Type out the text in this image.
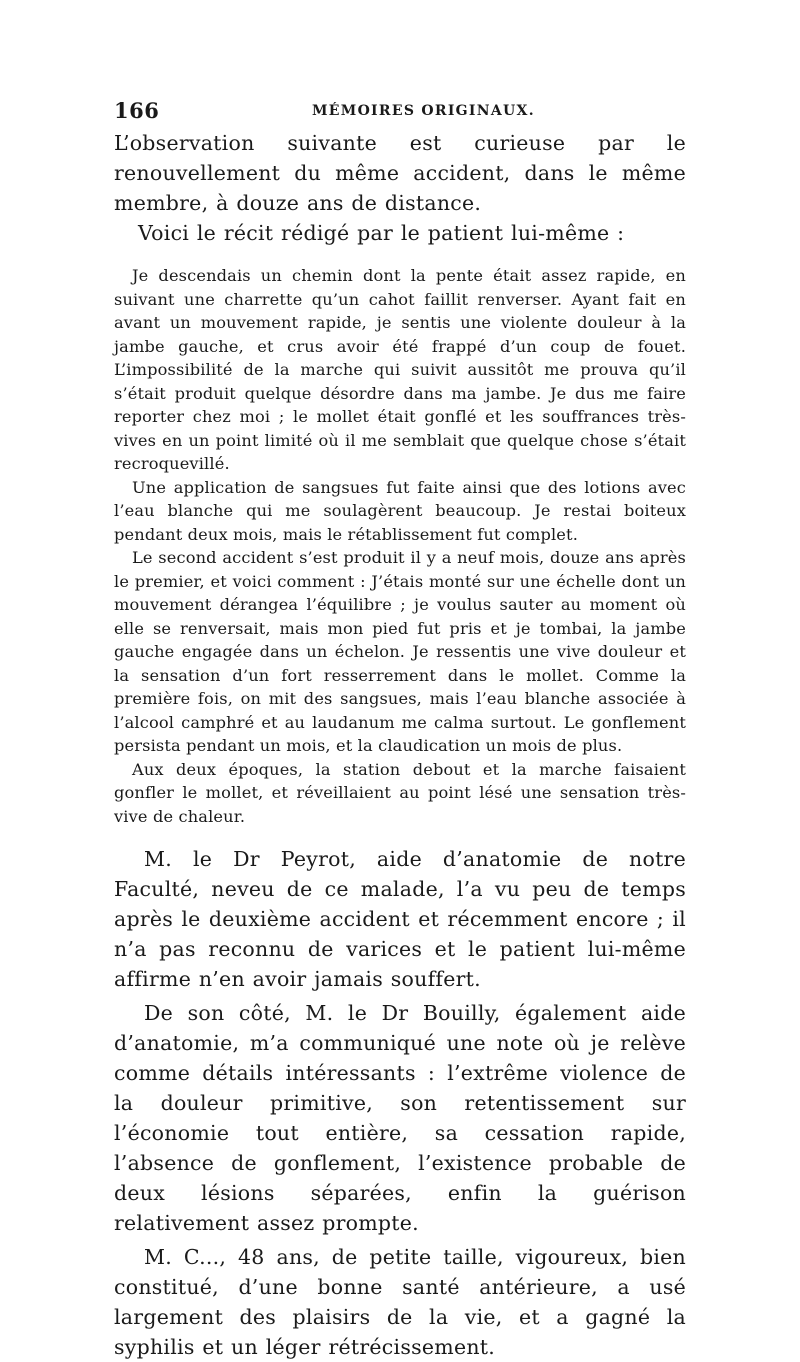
166	MÉMOIRES ORIGINAUX.

L’observation suivante est curieuse par le renouvellement du même accident, dans le même membre, à douze ans de distance.

Voici le récit rédigé par le patient lui-même :

Je descendais un chemin dont la pente était assez rapide, en suivant une charrette qu’un cahot faillit renverser. Ayant fait en avant un mouvement rapide, je sentis une violente douleur à la jambe gauche, et crus avoir été frappé d’un coup de fouet. L’impossibilité de la marche qui suivit aussitôt me prouva qu’il s’était produit quelque désordre dans ma jambe. Je dus me faire reporter chez moi ; le mollet était gonflé et les souffrances très-vives en un point limité où il me semblait que quelque chose s’était recroquevillé.

Une application de sangsues fut faite ainsi que des lotions avec l’eau blanche qui me soulagèrent beaucoup. Je restai boiteux pendant deux mois, mais le rétablissement fut complet.

Le second accident s’est produit il y a neuf mois, douze ans après le premier, et voici comment : J’étais monté sur une échelle dont un mouvement dérangea l’équilibre ; je voulus sauter au moment où elle se renversait, mais mon pied fut pris et je tombai, la jambe gauche engagée dans un échelon. Je ressentis une vive douleur et la sensation d’un fort resserrement dans le mollet. Comme la première fois, on mit des sangsues, mais l’eau blanche associée à l’alcool camphré et au laudanum me calma surtout. Le gonflement persista pendant un mois, et la claudication un mois de plus.

Aux deux époques, la station debout et la marche faisaient gonfler le mollet, et réveillaient au point lésé une sensation très-vive de chaleur.

M. le Dr Peyrot, aide d’anatomie de notre Faculté, neveu de ce malade, l’a vu peu de temps après le deuxième accident et récemment encore ; il n’a pas reconnu de varices et le patient lui-même affirme n’en avoir jamais souffert.

De son côté, M. le Dr Bouilly, également aide d’anatomie, m’a communiqué une note où je relève comme détails intéressants : l’extrême violence de la douleur primitive, son retentissement sur l’économie tout entière, sa cessation rapide, l’absence de gonflement, l’existence probable de deux lésions séparées, enfin la guérison relativement assez prompte.

M. C..., 48 ans, de petite taille, vigoureux, bien constitué, d’une bonne santé antérieure, a usé largement des plaisirs de la vie, et a gagné la syphilis et un léger rétrécissement.
